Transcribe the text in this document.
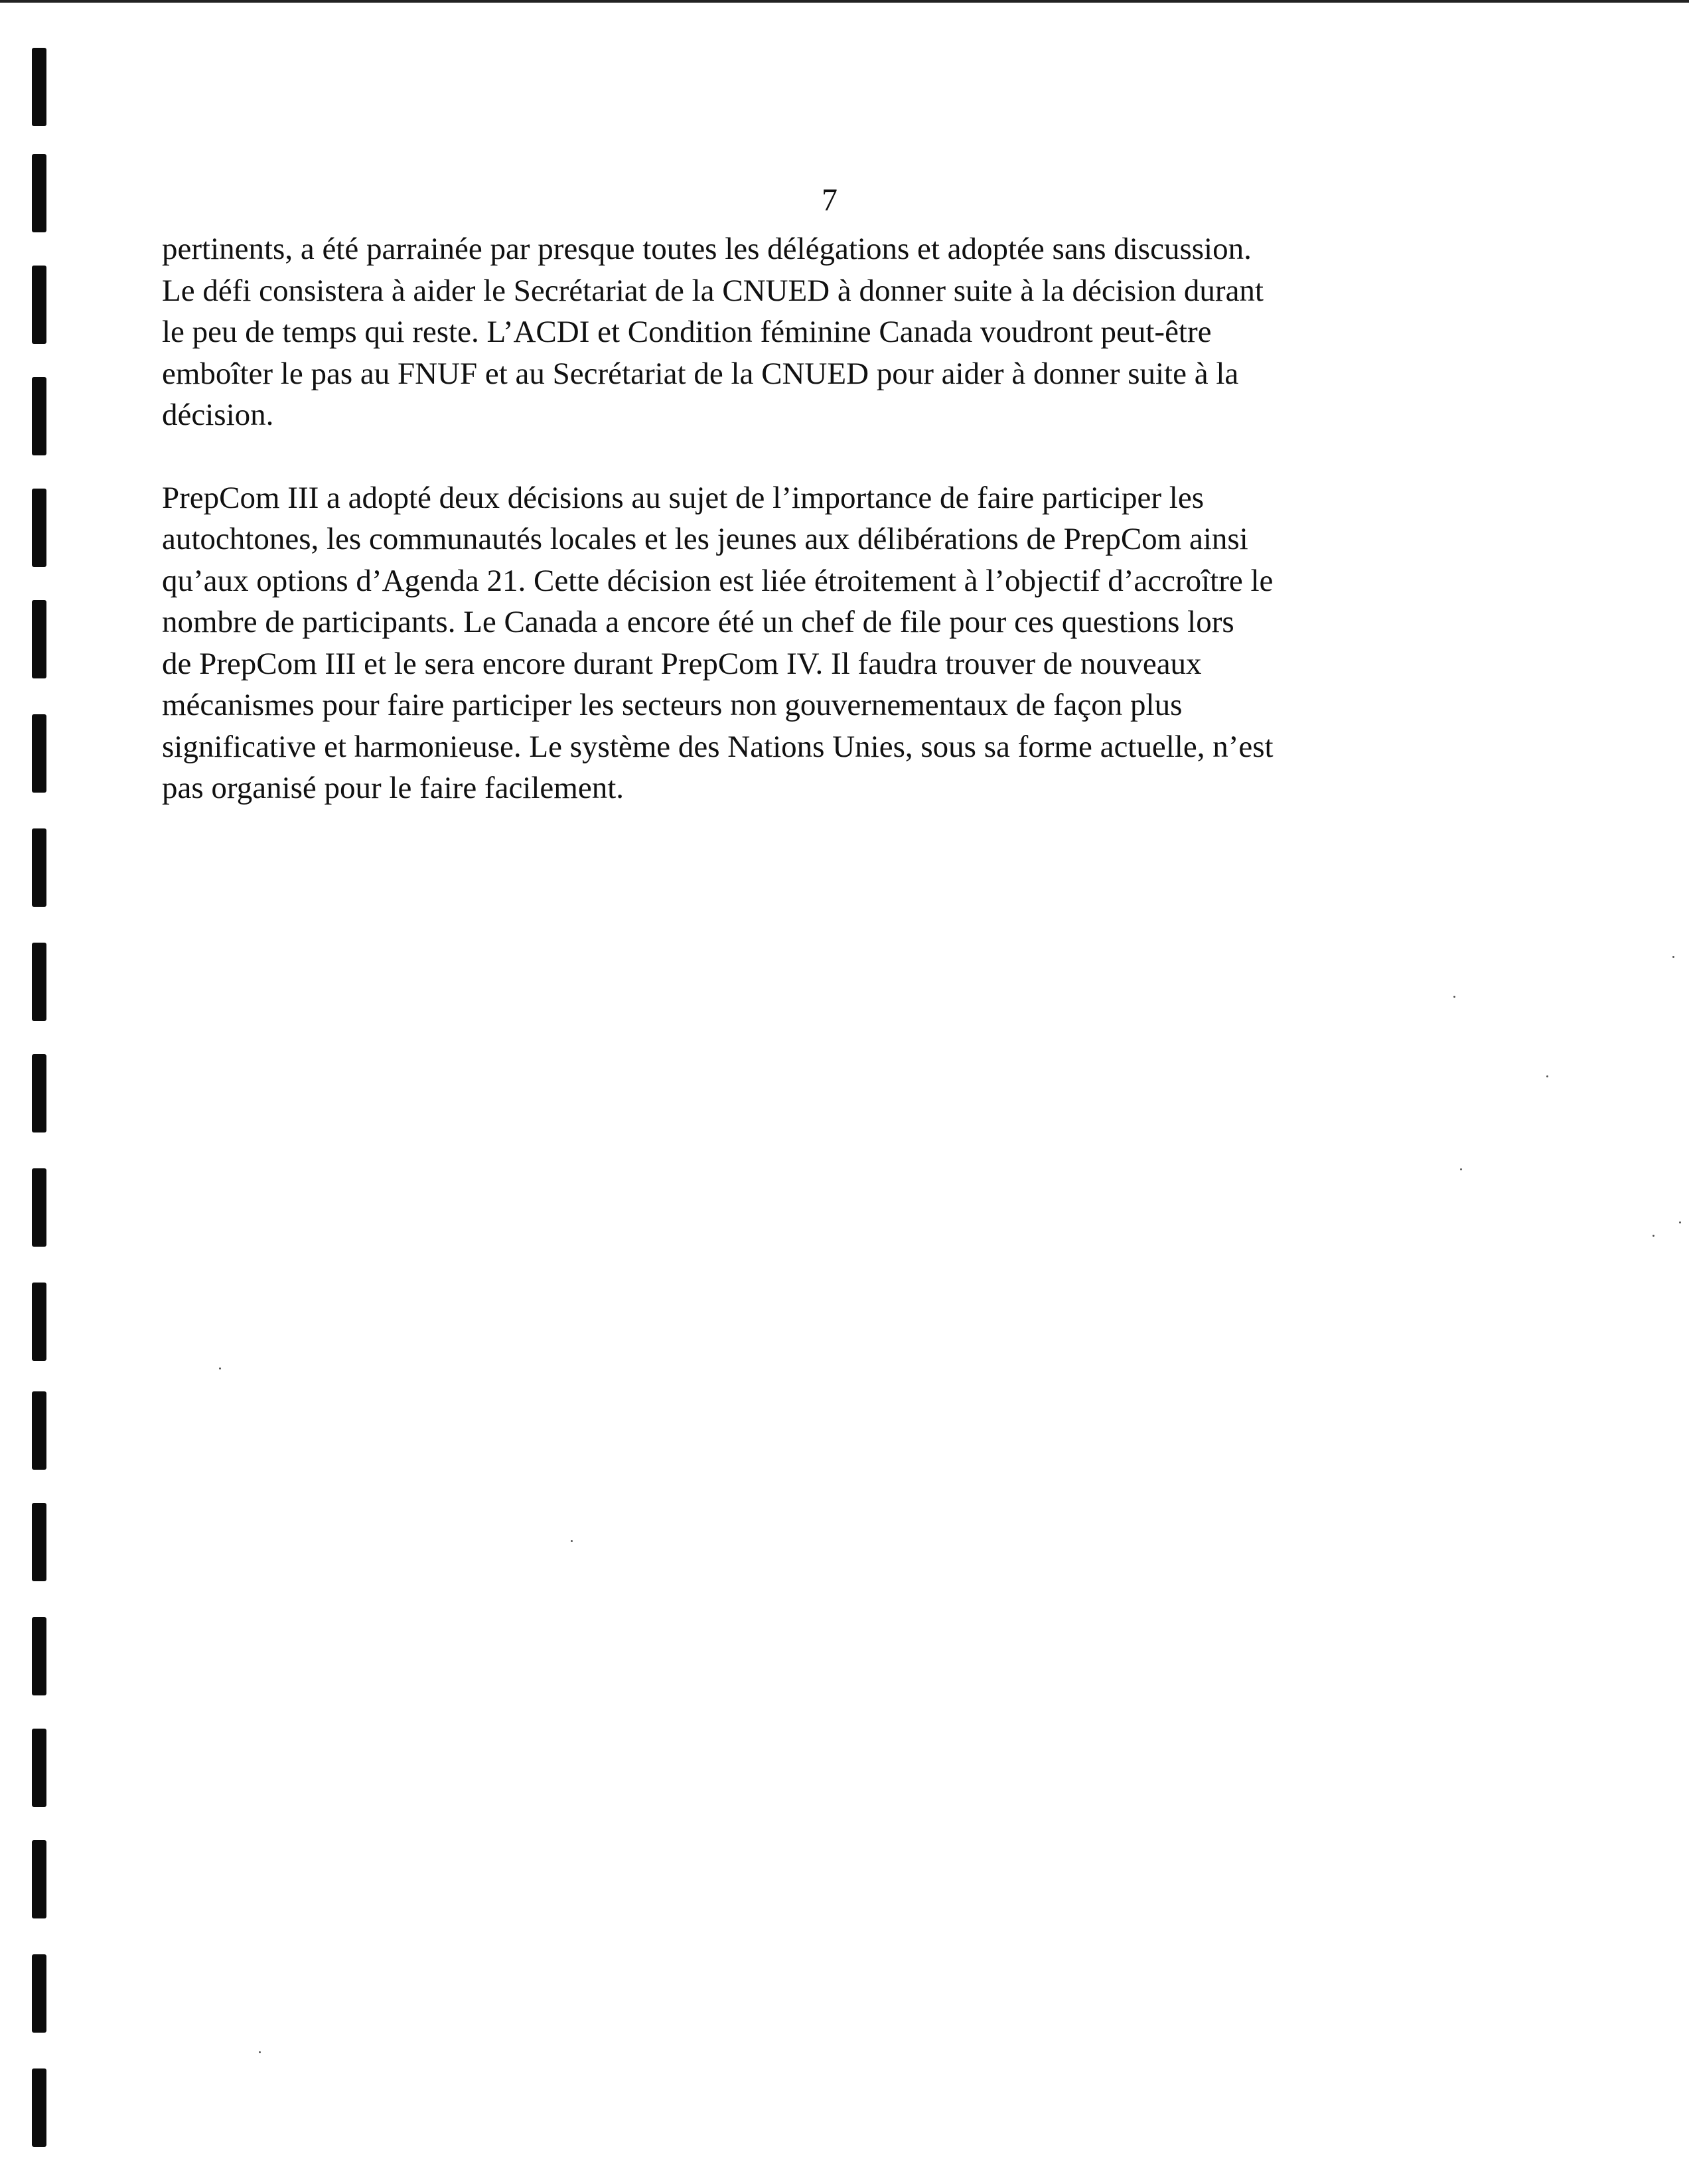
7

pertinents, a été parrainée par presque toutes les délégations et adoptée sans discussion.
Le défi consistera à aider le Secrétariat de la CNUED à donner suite à la décision durant
le peu de temps qui reste. L’ACDI et Condition féminine Canada voudront peut-être
emboîter le pas au FNUF et au Secrétariat de la CNUED pour aider à donner suite à la
décision.

PrepCom III a adopté deux décisions au sujet de l’importance de faire participer les
autochtones, les communautés locales et les jeunes aux délibérations de PrepCom ainsi
qu’aux options d’Agenda 21. Cette décision est liée étroitement à l’objectif d’accroître le
nombre de participants. Le Canada a encore été un chef de file pour ces questions lors
de PrepCom III et le sera encore durant PrepCom IV. Il faudra trouver de nouveaux
mécanismes pour faire participer les secteurs non gouvernementaux de façon plus
significative et harmonieuse. Le système des Nations Unies, sous sa forme actuelle, n’est
pas organisé pour le faire facilement.
